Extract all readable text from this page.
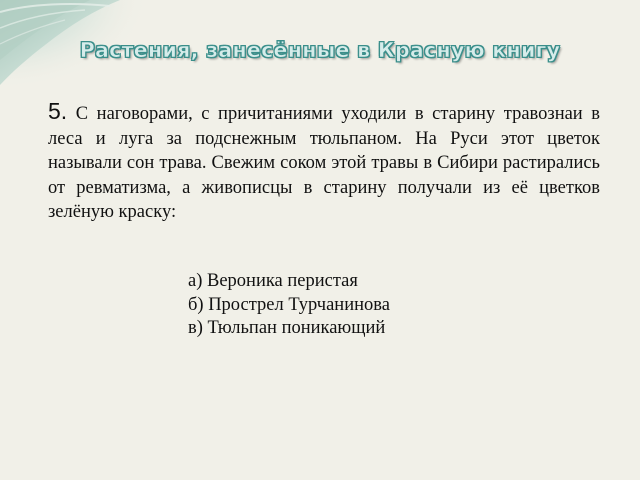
Растения, занесённые в Красную книгу
5. С наговорами, с причитаниями уходили в старину травознаи в леса и луга за подснежным тюльпаном. На Руси этот цветок называли сон трава. Свежим соком этой травы в Сибири растирались от ревматизма, а живописцы в старину получали из её цветков зелёную краску:
а) Вероника перистая
б) Прострел Турчанинова
в) Тюльпан поникающий
